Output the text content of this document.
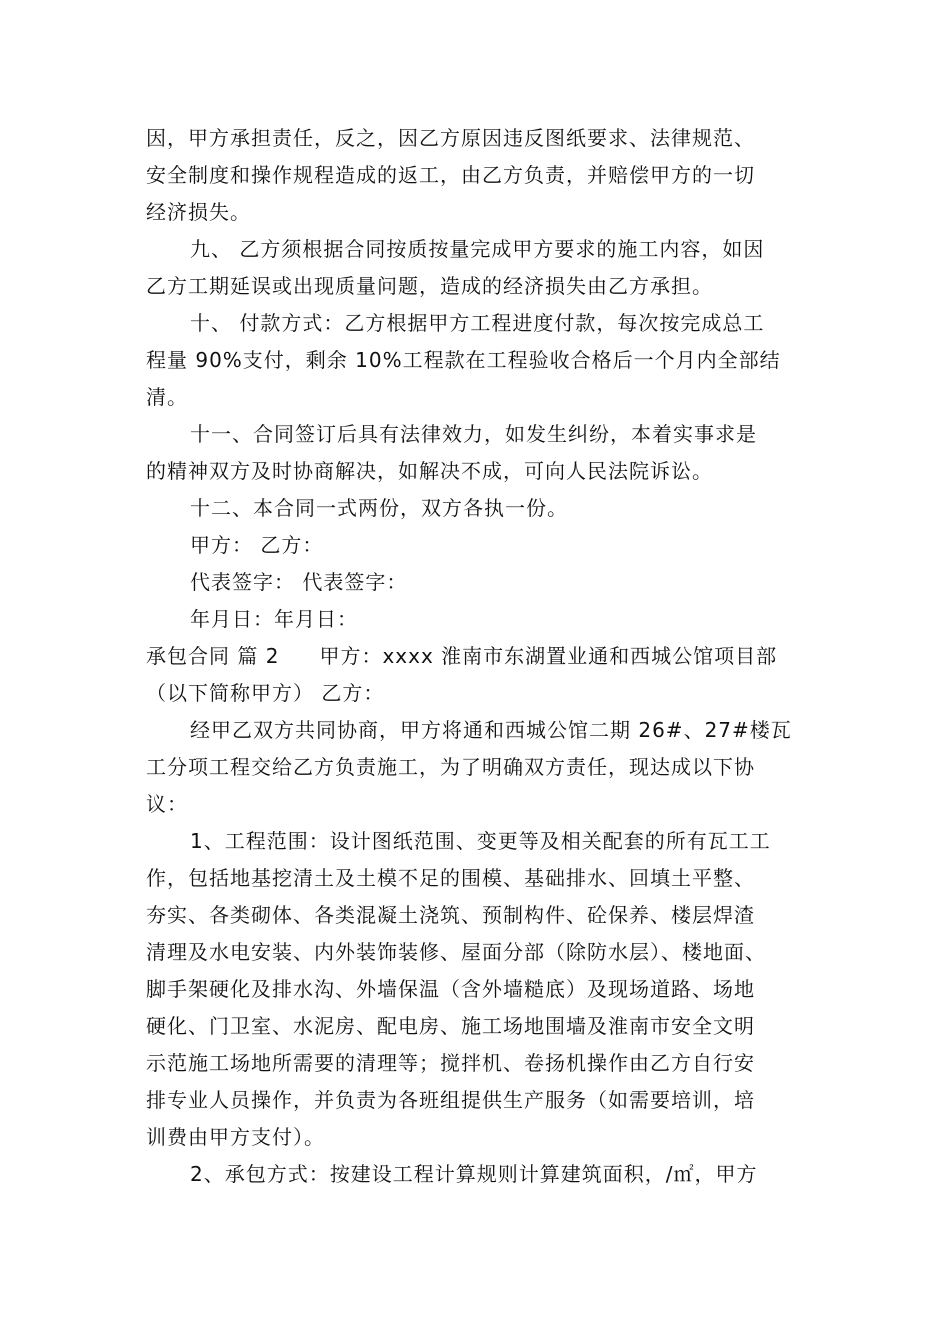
因，甲方承担责任，反之，因乙方原因违反图纸要求、法律规范、
安全制度和操作规程造成的返工，由乙方负责，并赔偿甲方的一切
经济损失。
九、 乙方须根据合同按质按量完成甲方要求的施工内容，如因
乙方工期延误或出现质量问题，造成的经济损失由乙方承担。
十、 付款方式：乙方根据甲方工程进度付款，每次按完成总工
程量 90%支付，剩余 10%工程款在工程验收合格后一个月内全部结
清。
十一、合同签订后具有法律效力，如发生纠纷，本着实事求是
的精神双方及时协商解决，如解决不成，可向人民法院诉讼。
十二、本合同一式两份，双方各执一份。
甲方： 乙方：
代表签字： 代表签字：
年月日：年月日：
承包合同 篇 2 甲方：xxxx 淮南市东湖置业通和西城公馆项目部
（以下简称甲方） 乙方：
经甲乙双方共同协商，甲方将通和西城公馆二期 26#、27#楼瓦
工分项工程交给乙方负责施工，为了明确双方责任，现达成以下协
议：
1、工程范围：设计图纸范围、变更等及相关配套的所有瓦工工
作，包括地基挖清土及土模不足的围模、基础排水、回填土平整、
夯实、各类砌体、各类混凝土浇筑、预制构件、砼保养、楼层焊渣
清理及水电安装、内外装饰装修、屋面分部（除防水层）、楼地面、
脚手架硬化及排水沟、外墙保温（含外墙糙底）及现场道路、场地
硬化、门卫室、水泥房、配电房、施工场地围墙及淮南市安全文明
示范施工场地所需要的清理等；搅拌机、卷扬机操作由乙方自行安
排专业人员操作，并负责为各班组提供生产服务（如需要培训，培
训费由甲方支付）。
2、承包方式：按建设工程计算规则计算建筑面积，/㎡，甲方
